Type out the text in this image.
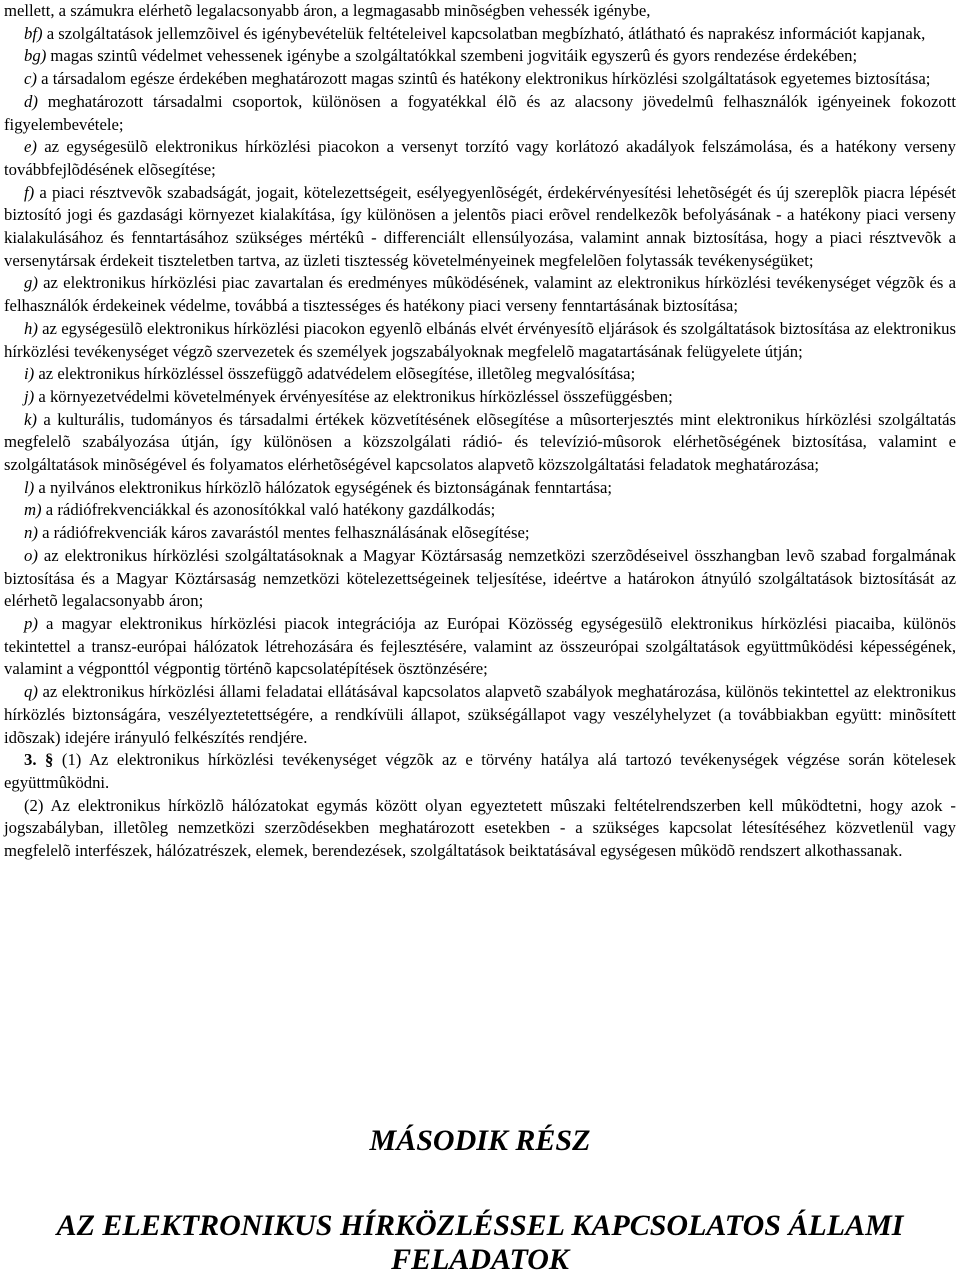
mellett, a számukra elérhetõ legalacsonyabb áron, a legmagasabb minõségben vehessék igénybe,

bf) a szolgáltatások jellemzõivel és igénybevételük feltételeivel kapcsolatban megbízható, átlátható és naprakész információt kapjanak,

bg) magas szintû védelmet vehessenek igénybe a szolgáltatókkal szembeni jogvitáik egyszerû és gyors rendezése érdekében;

c) a társadalom egésze érdekében meghatározott magas szintû és hatékony elektronikus hírközlési szolgáltatások egyetemes biztosítása;

d) meghatározott társadalmi csoportok, különösen a fogyatékkal élõ és az alacsony jövedelmû felhasználók igényeinek fokozott figyelembevétele;

e) az egységesülõ elektronikus hírközlési piacokon a versenyt torzító vagy korlátozó akadályok felszámolása, és a hatékony verseny továbbfejlõdésének elõsegítése;

f) a piaci résztvevõk szabadságát, jogait, kötelezettségeit, esélyegyenlõségét, érdekérvényesítési lehetõségét és új szereplõk piacra lépését biztosító jogi és gazdasági környezet kialakítása, így különösen a jelentõs piaci erõvel rendelkezõk befolyásának - a hatékony piaci verseny kialakulásához és fenntartásához szükséges mértékû - differenciált ellensúlyozása, valamint annak biztosítása, hogy a piaci résztvevõk a versenytársak érdekeit tiszteletben tartva, az üzleti tisztesség követelményeinek megfelelõen folytassák tevékenységüket;

g) az elektronikus hírközlési piac zavartalan és eredményes mûködésének, valamint az elektronikus hírközlési tevékenységet végzõk és a felhasználók érdekeinek védelme, továbbá a tisztességes és hatékony piaci verseny fenntartásának biztosítása;

h) az egységesülõ elektronikus hírközlési piacokon egyenlõ elbánás elvét érvényesítõ eljárások és szolgáltatások biztosítása az elektronikus hírközlési tevékenységet végzõ szervezetek és személyek jogszabályoknak megfelelõ magatartásának felügyelete útján;

i) az elektronikus hírközléssel összefüggõ adatvédelem elõsegítése, illetõleg megvalósítása;

j) a környezetvédelmi követelmények érvényesítése az elektronikus hírközléssel összefüggésben;

k) a kulturális, tudományos és társadalmi értékek közvetítésének elõsegítése a mûsorterjesztés mint elektronikus hírközlési szolgáltatás megfelelõ szabályozása útján, így különösen a közszolgálati rádió- és televízió-mûsorok elérhetõségének biztosítása, valamint e szolgáltatások minõségével és folyamatos elérhetõségével kapcsolatos alapvetõ közszolgáltatási feladatok meghatározása;

l) a nyilvános elektronikus hírközlõ hálózatok egységének és biztonságának fenntartása;

m) a rádiófrekvenciákkal és azonosítókkal való hatékony gazdálkodás;

n) a rádiófrekvenciák káros zavarástól mentes felhasználásának elõsegítése;

o) az elektronikus hírközlési szolgáltatásoknak a Magyar Köztársaság nemzetközi szerzõdéseivel összhangban levõ szabad forgalmának biztosítása és a Magyar Köztársaság nemzetközi kötelezettségeinek teljesítése, ideértve a határokon átnyúló szolgáltatások biztosítását az elérhetõ legalacsonyabb áron;

p) a magyar elektronikus hírközlési piacok integrációja az Európai Közösség egységesülõ elektronikus hírközlési piacaiba, különös tekintettel a transz-európai hálózatok létrehozására és fejlesztésére, valamint az összeurópai szolgáltatások együttmûködési képességének, valamint a végponttól végpontig történõ kapcsolatépítések ösztönzésére;

q) az elektronikus hírközlési állami feladatai ellátásával kapcsolatos alapvetõ szabályok meghatározása, különös tekintettel az elektronikus hírközlés biztonságára, veszélyeztetettségére, a rendkívüli állapot, szükségállapot vagy veszélyhelyzet (a továbbiakban együtt: minõsített idõszak) idejére irányuló felkészítés rendjére.

3. § (1) Az elektronikus hírközlési tevékenységet végzõk az e törvény hatálya alá tartozó tevékenységek végzése során kötelesek együttmûködni.

(2) Az elektronikus hírközlõ hálózatokat egymás között olyan egyeztetett mûszaki feltételrendszerben kell mûködtetni, hogy azok - jogszabályban, illetõleg nemzetközi szerzõdésekben meghatározott esetekben - a szükséges kapcsolat létesítéséhez közvetlenül vagy megfelelõ interfészek, hálózatrészek, elemek, berendezések, szolgáltatások beiktatásával egységesen mûködõ rendszert alkothassanak.

MÁSODIK RÉSZ
AZ ELEKTRONIKUS HÍRKÖZLÉSSEL KAPCSOLATOS ÁLLAMI
FELADATOK
